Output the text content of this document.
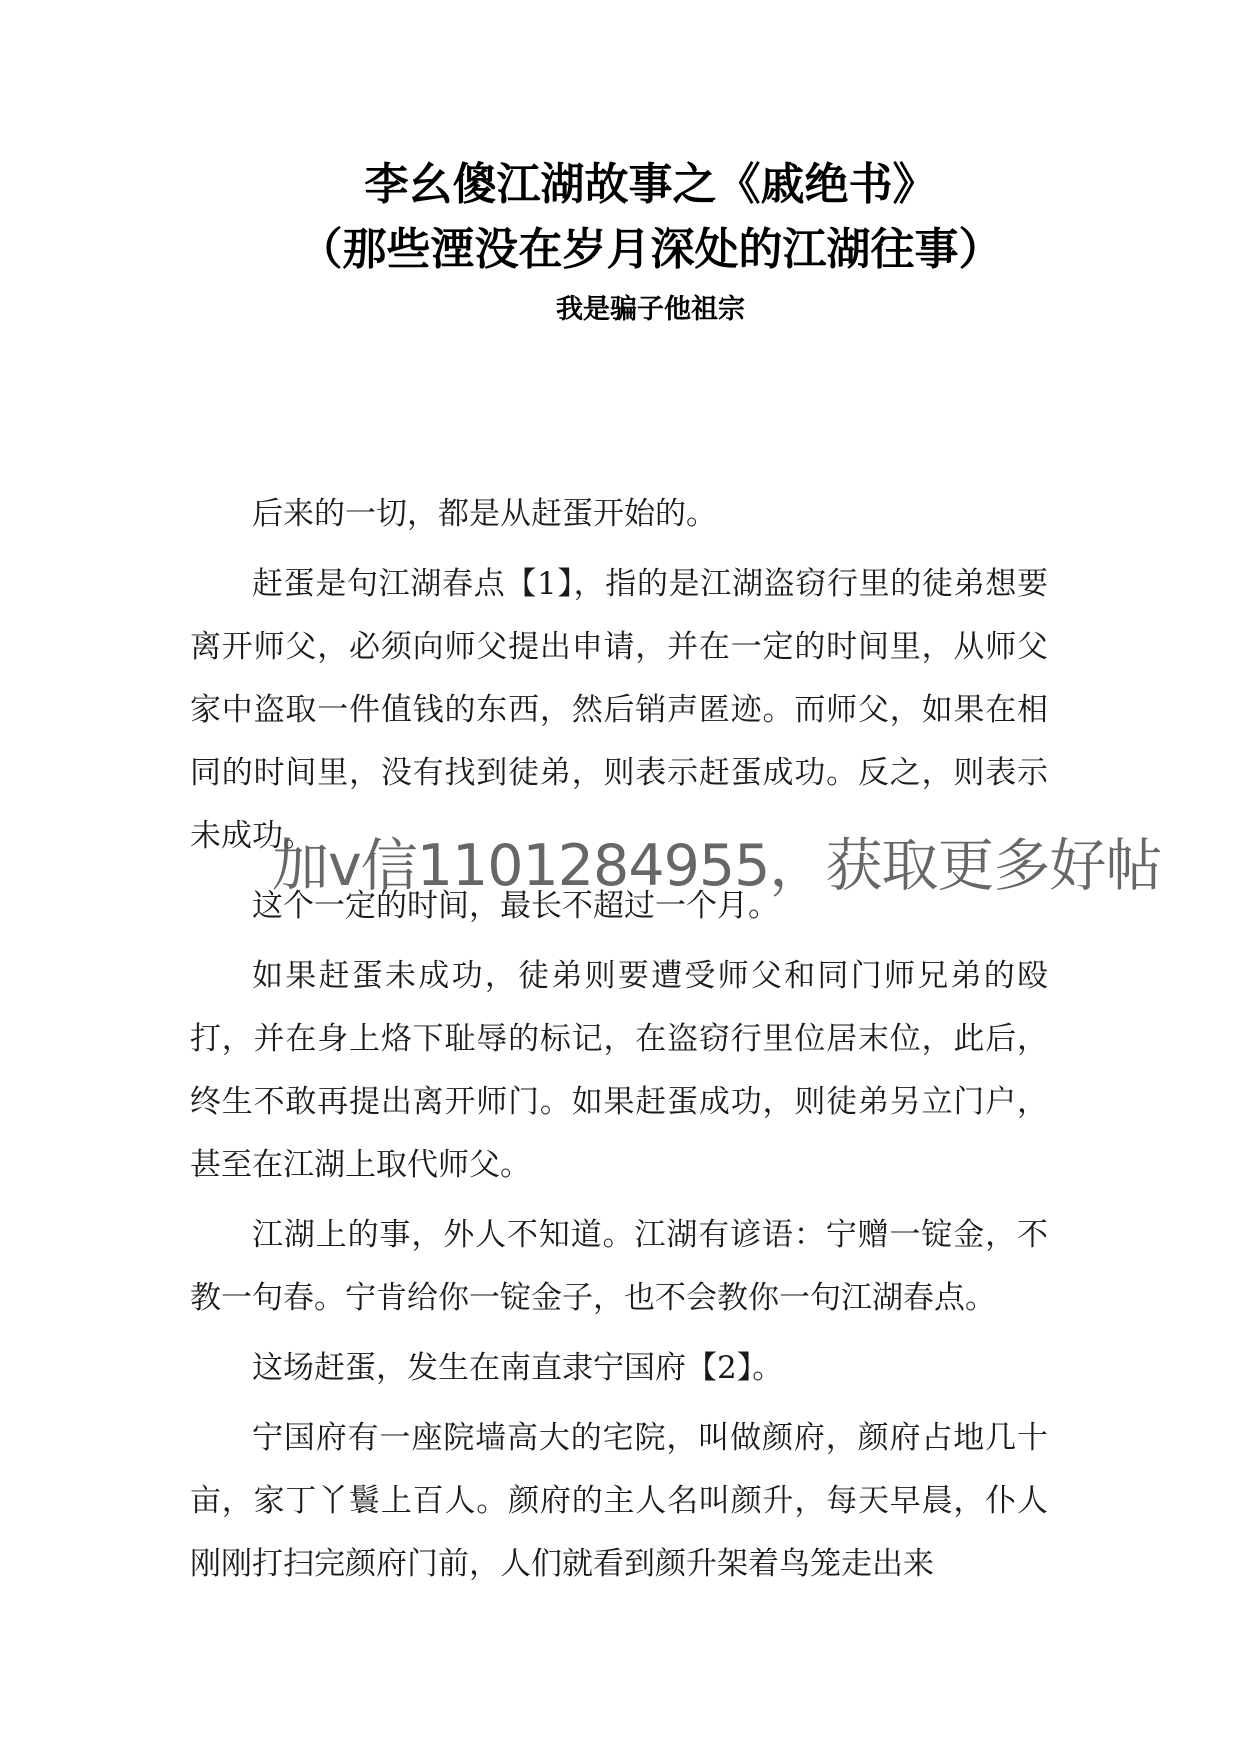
李幺傻江湖故事之《戚绝书》
（那些湮没在岁月深处的江湖往事）
我是骗子他祖宗

后来的一切，都是从赶蛋开始的。

赶蛋是句江湖春点【1】，指的是江湖盗窃行里的徒弟想要离开师父，必须向师父提出申请，并在一定的时间里，从师父家中盗取一件值钱的东西，然后销声匿迹。而师父，如果在相同的时间里，没有找到徒弟，则表示赶蛋成功。反之，则表示未成功。

这个一定的时间，最长不超过一个月。

如果赶蛋未成功，徒弟则要遭受师父和同门师兄弟的殴打，并在身上烙下耻辱的标记，在盗窃行里位居末位，此后，终生不敢再提出离开师门。如果赶蛋成功，则徒弟另立门户，甚至在江湖上取代师父。

江湖上的事，外人不知道。江湖有谚语：宁赠一锭金，不教一句春。宁肯给你一锭金子，也不会教你一句江湖春点。

这场赶蛋，发生在南直隶宁国府【2】。

宁国府有一座院墙高大的宅院，叫做颜府，颜府占地几十亩，家丁丫鬟上百人。颜府的主人名叫颜升，每天早晨，仆人刚刚打扫完颜府门前，人们就看到颜升架着鸟笼走出来

加v信1101284955，获取更多好帖
